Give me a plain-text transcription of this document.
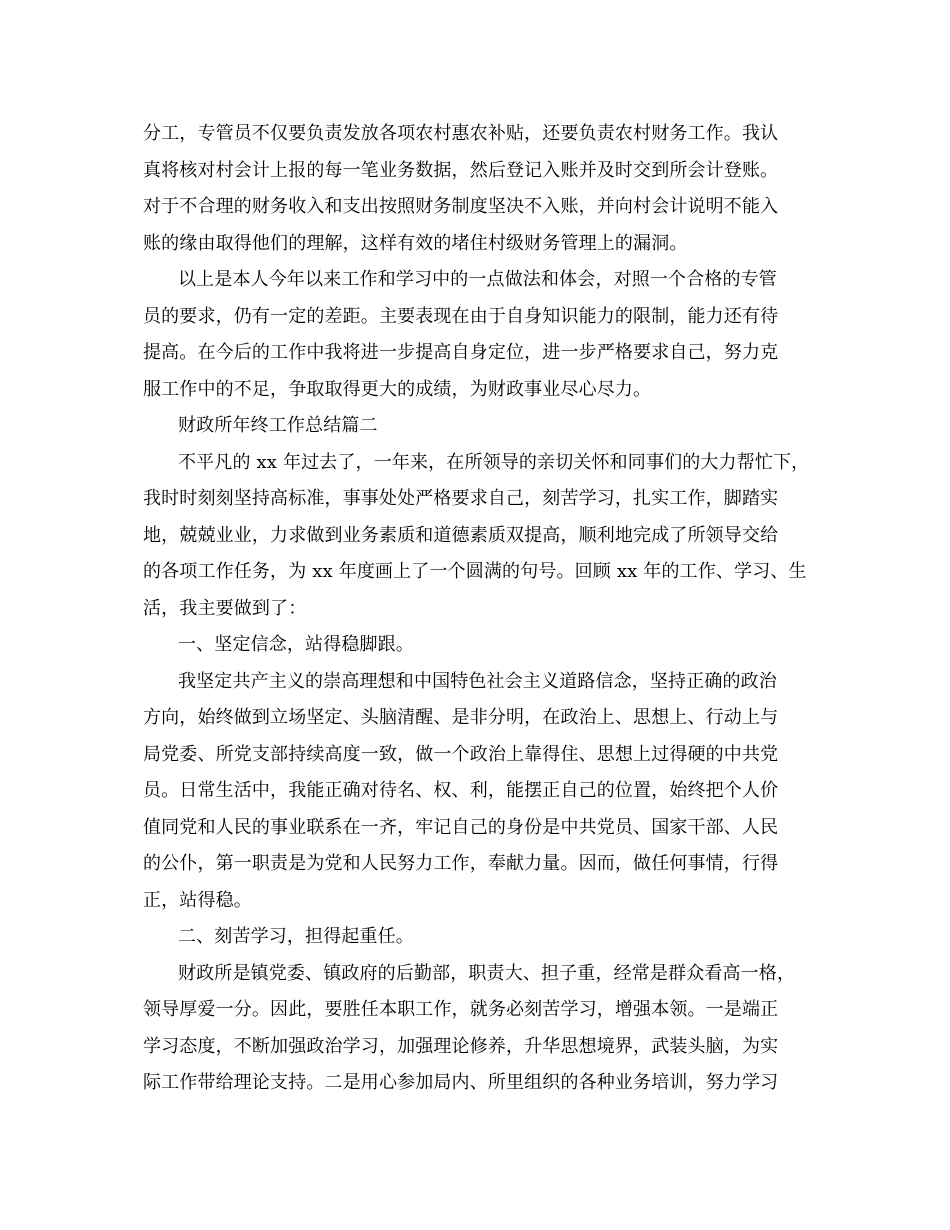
分工，专管员不仅要负责发放各项农村惠农补贴，还要负责农村财务工作。我认
真将核对村会计上报的每一笔业务数据，然后登记入账并及时交到所会计登账。
对于不合理的财务收入和支出按照财务制度坚决不入账，并向村会计说明不能入
账的缘由取得他们的理解，这样有效的堵住村级财务管理上的漏洞。
以上是本人今年以来工作和学习中的一点做法和体会，对照一个合格的专管
员的要求，仍有一定的差距。主要表现在由于自身知识能力的限制，能力还有待
提高。在今后的工作中我将进一步提高自身定位，进一步严格要求自己，努力克
服工作中的不足，争取取得更大的成绩，为财政事业尽心尽力。
财政所年终工作总结篇二
不平凡的 xx 年过去了，一年来，在所领导的亲切关怀和同事们的大力帮忙下，
我时时刻刻坚持高标准，事事处处严格要求自己，刻苦学习，扎实工作，脚踏实
地，兢兢业业，力求做到业务素质和道德素质双提高，顺利地完成了所领导交给
的各项工作任务，为 xx 年度画上了一个圆满的句号。回顾 xx 年的工作、学习、生
活，我主要做到了：
一、坚定信念，站得稳脚跟。
我坚定共产主义的崇高理想和中国特色社会主义道路信念，坚持正确的政治
方向，始终做到立场坚定、头脑清醒、是非分明，在政治上、思想上、行动上与
局党委、所党支部持续高度一致，做一个政治上靠得住、思想上过得硬的中共党
员。日常生活中，我能正确对待名、权、利，能摆正自己的位置，始终把个人价
值同党和人民的事业联系在一齐，牢记自己的身份是中共党员、国家干部、人民
的公仆，第一职责是为党和人民努力工作，奉献力量。因而，做任何事情，行得
正，站得稳。
二、刻苦学习，担得起重任。
财政所是镇党委、镇政府的后勤部，职责大、担子重，经常是群众看高一格，
领导厚爱一分。因此，要胜任本职工作，就务必刻苦学习，增强本领。一是端正
学习态度，不断加强政治学习，加强理论修养，升华思想境界，武装头脑，为实
际工作带给理论支持。二是用心参加局内、所里组织的各种业务培训，努力学习
